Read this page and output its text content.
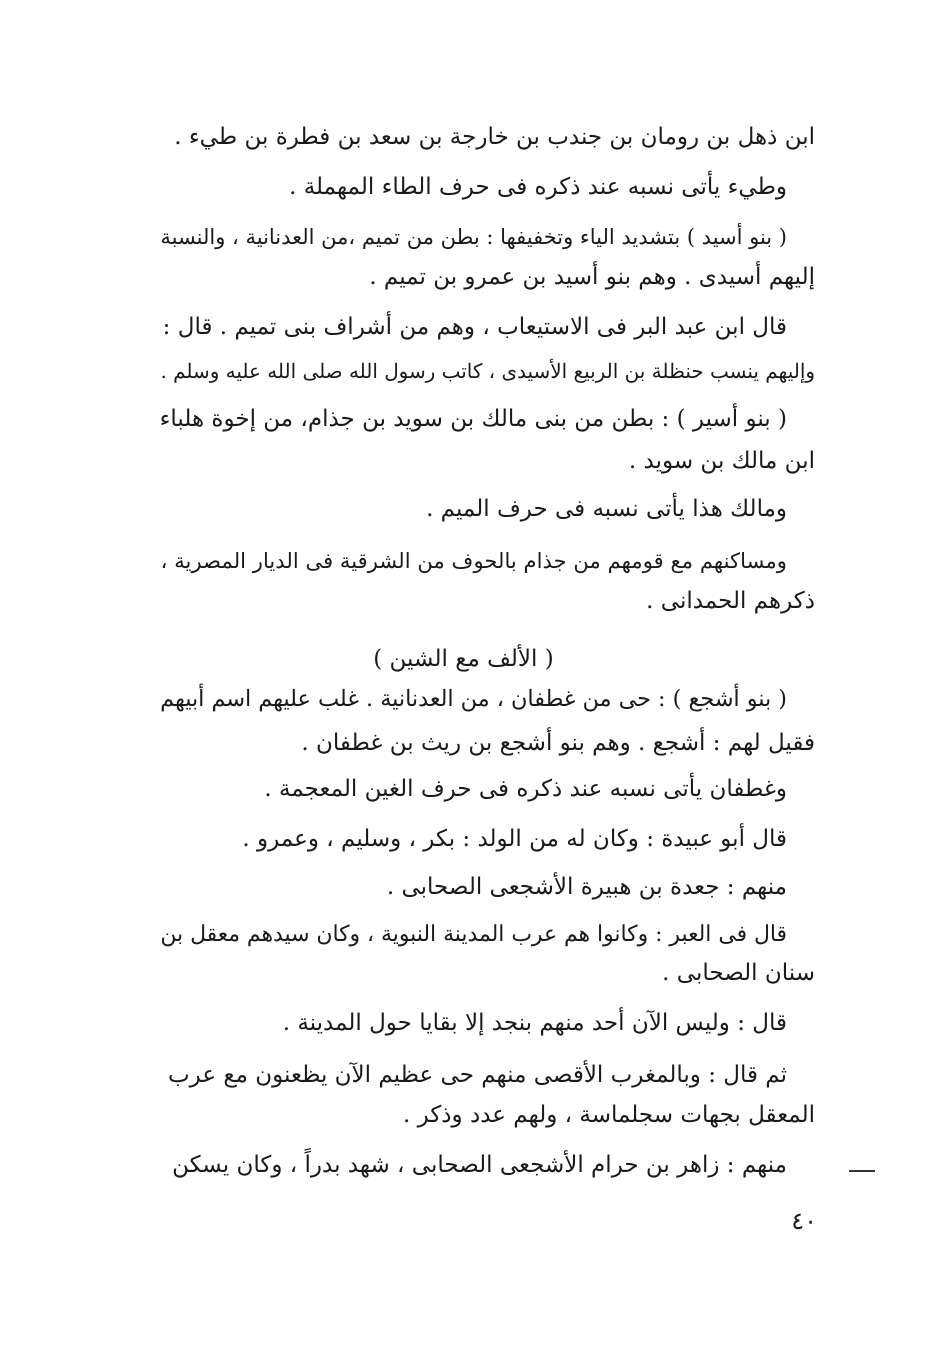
ابن ذهل بن رومان بن جندب بن خارجة بن سعد بن فطرة بن طيء .

وطيء يأتى نسبه عند ذكره فى حرف الطاء المهملة .

( بنو أسيد ) بتشديد الياء وتخفيفها : بطن من تميم ،من العدنانية ، والنسبة

إليهم أسيدى . وهم بنو أسيد بن عمرو بن تميم .

قال ابن عبد البر فى الاستيعاب ، وهم من أشراف بنى تميم . قال :

وإليهم ينسب حنظلة بن الربيع الأسيدى ، كاتب رسول الله صلى الله عليه وسلم .

( بنو أسير ) : بطن من بنى مالك بن سويد بن جذام، من إخوة هلباء

ابن مالك بن سويد .

ومالك هذا يأتى نسبه فى حرف الميم .

ومساكنهم مع قومهم من جذام بالحوف من الشرقية فى الديار المصرية ،

ذكرهم الحمدانى .

( الألف مع الشين )

( بنو أشجع ) : حى من غطفان ، من العدنانية . غلب عليهم اسم أبيهم

فقيل لهم : أشجع . وهم بنو أشجع بن ريث بن غطفان .

وغطفان يأتى نسبه عند ذكره فى حرف الغين المعجمة .

قال أبو عبيدة : وكان له من الولد : بكر ، وسليم ، وعمرو .

منهم : جعدة بن هبيرة الأشجعى الصحابى .

قال فى العبر : وكانوا هم عرب المدينة النبوية ، وكان سيدهم معقل بن

سنان الصحابى .

قال : وليس الآن أحد منهم بنجد إلا بقايا حول المدينة .

ثم قال : وبالمغرب الأقصى منهم حى عظيم الآن يظعنون مع عرب

المعقل بجهات سجلماسة ، ولهم عدد وذكر .

منهم : زاهر بن حرام الأشجعى الصحابى ، شهد بدراً ، وكان يسكن

٤٠
